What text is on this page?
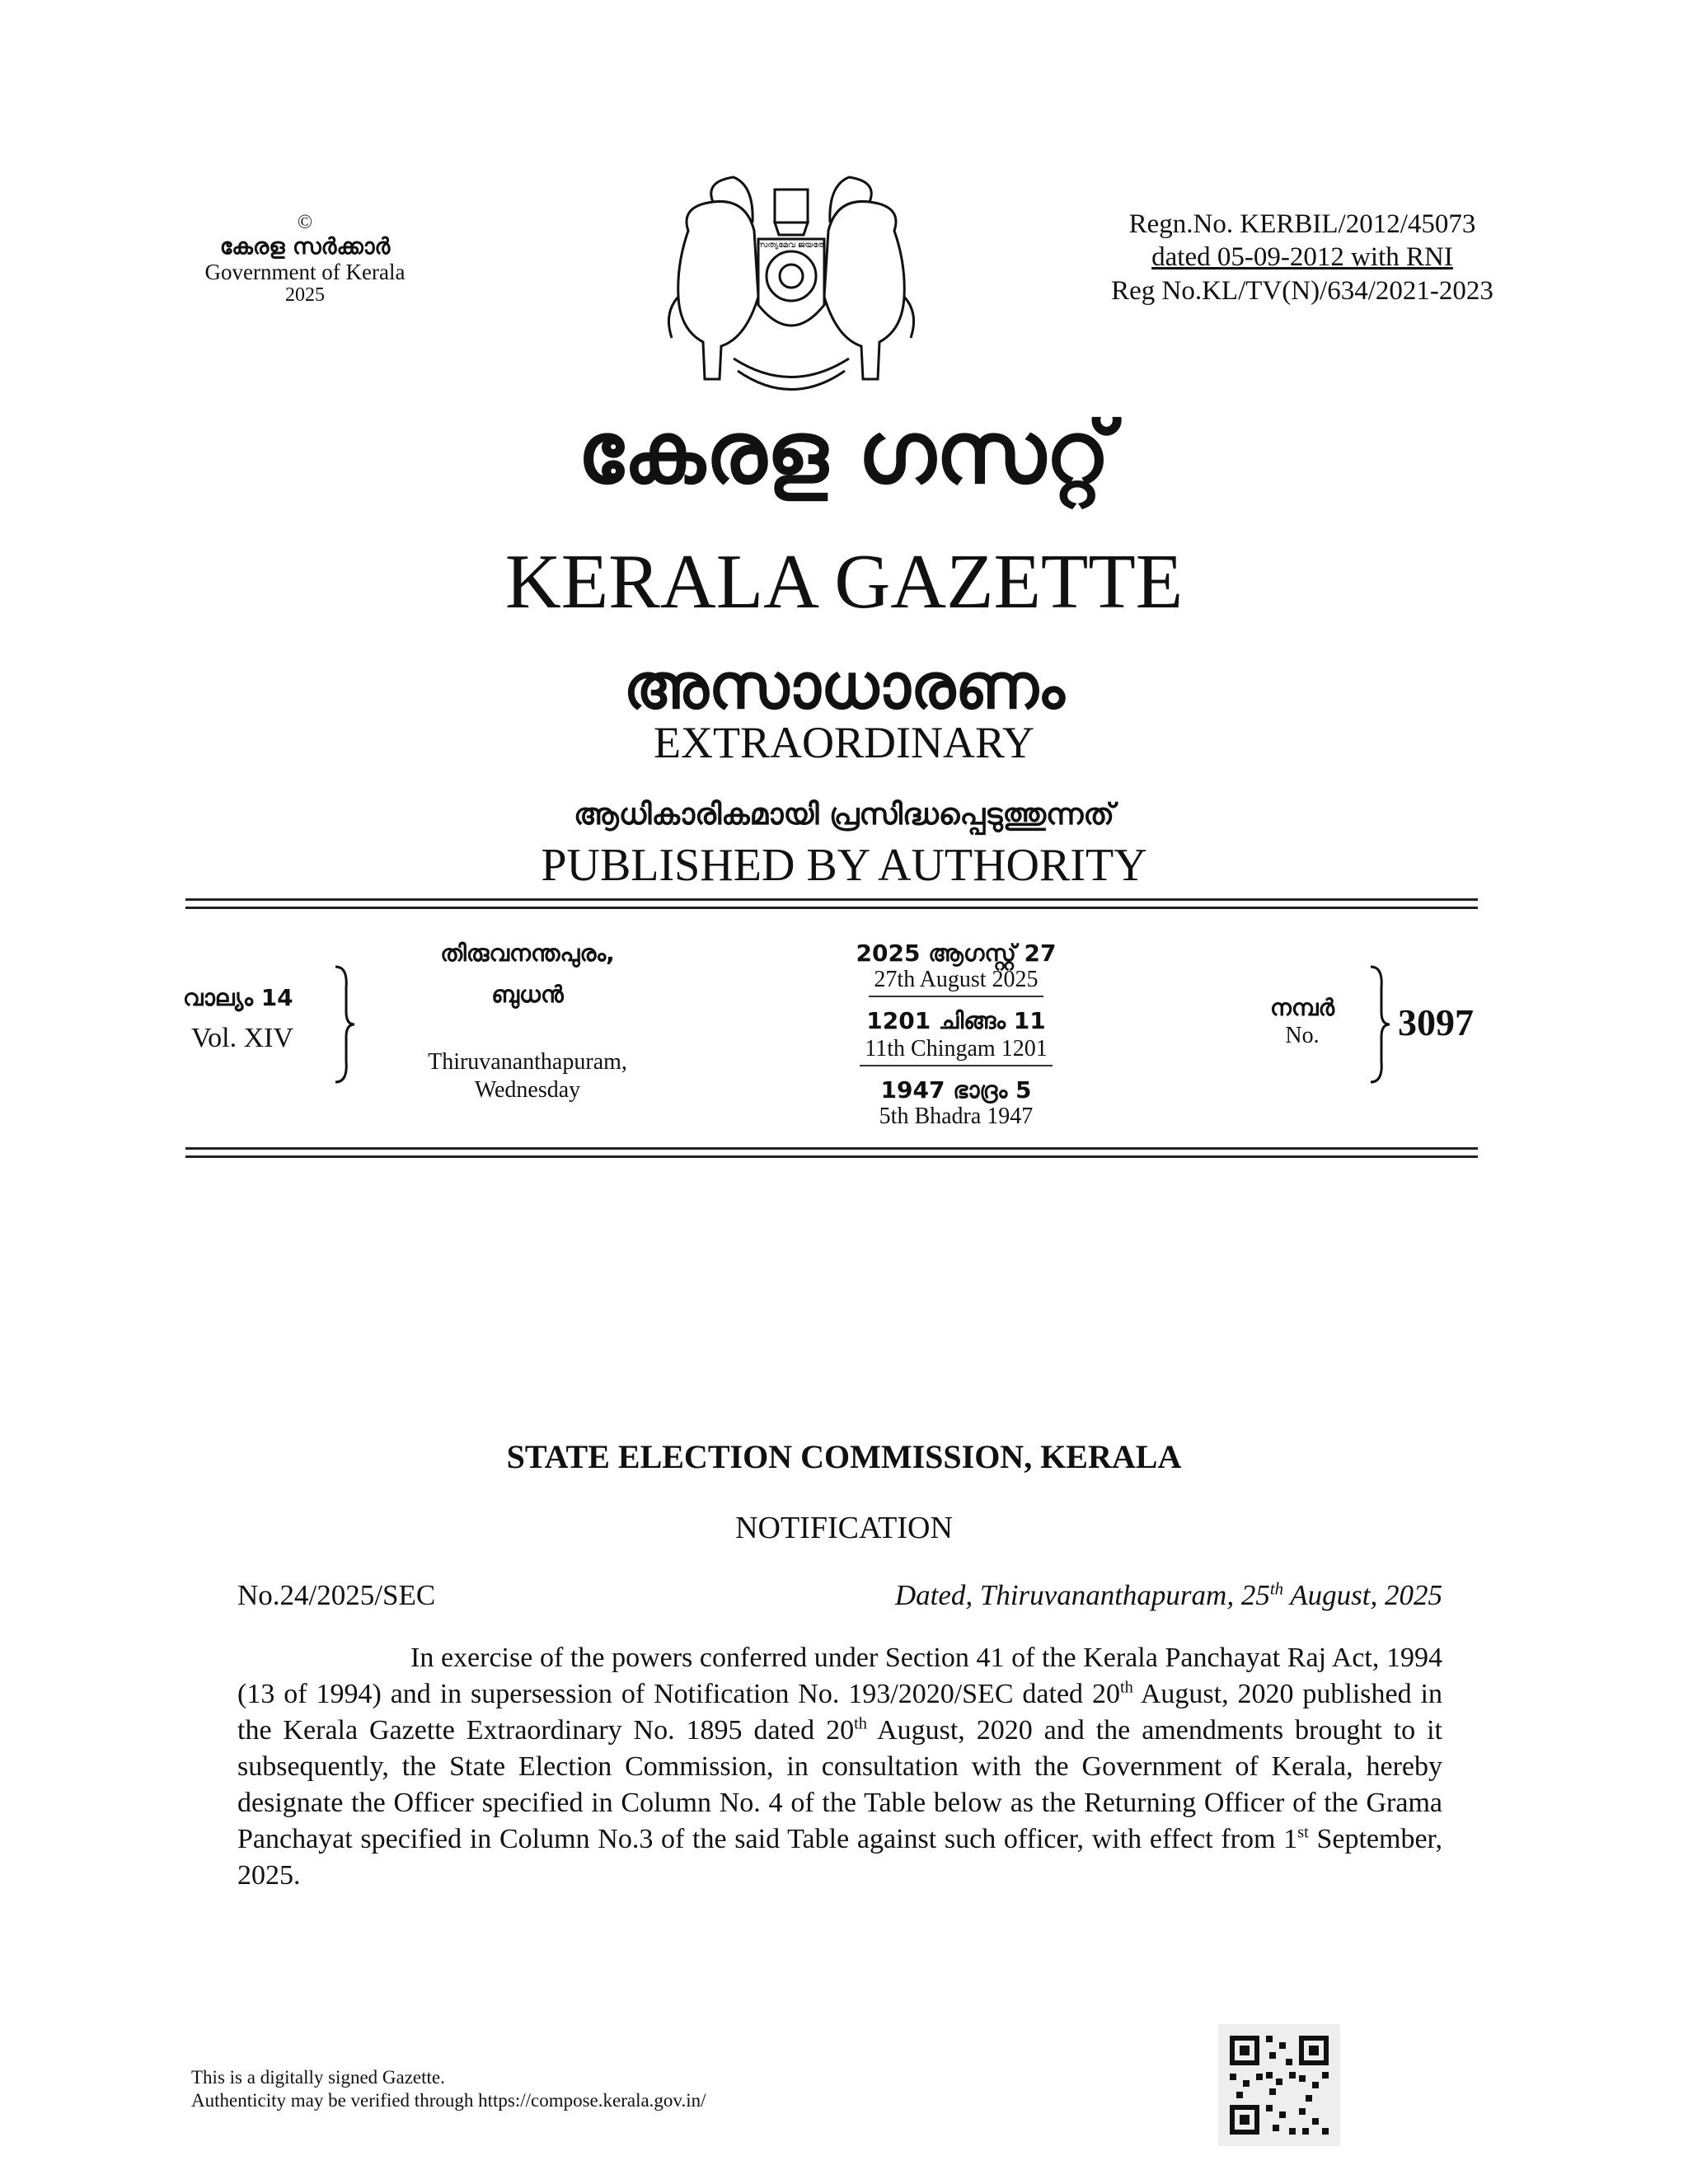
©
കേരള സർക്കാർ
Government of Kerala
2025
സത്യമേവ ജയതേ
Regn.No. KERBIL/2012/45073
dated 05-09-2012 with RNI
Reg No.KL/TV(N)/634/2021-2023
കേരള ഗസറ്റ്
KERALA GAZETTE
അസാധാരണം
EXTRAORDINARY
ആധികാരികമായി പ്രസിദ്ധപ്പെടുത്തുന്നത്
PUBLISHED BY AUTHORITY
വാല്യം 14
Vol. XIV
തിരുവനന്തപുരം,
ബുധൻ
Thiruvananthapuram,
Wednesday
2025 ആഗസ്റ്റ് 27
27th August 2025
1201 ചിങ്ങം 11
11th Chingam 1201
1947 ഭാദ്രം 5
5th Bhadra 1947
നമ്പർ
No.	3097
STATE ELECTION COMMISSION, KERALA
NOTIFICATION
No.24/2025/SEC	Dated, Thiruvananthapuram, 25th August, 2025
In exercise of the powers conferred under Section 41 of the Kerala Panchayat Raj Act, 1994 (13 of 1994) and in supersession of Notification No. 193/2020/SEC dated 20th August, 2020 published in the Kerala Gazette Extraordinary No. 1895 dated 20th August, 2020 and the amendments brought to it subsequently, the State Election Commission, in consultation with the Government of Kerala, hereby designate the Officer specified in Column No. 4 of the Table below as the Returning Officer of the Grama Panchayat specified in Column No.3 of the said Table against such officer, with effect from 1st September, 2025.
This is a digitally signed Gazette.
Authenticity may be verified through https://compose.kerala.gov.in/
